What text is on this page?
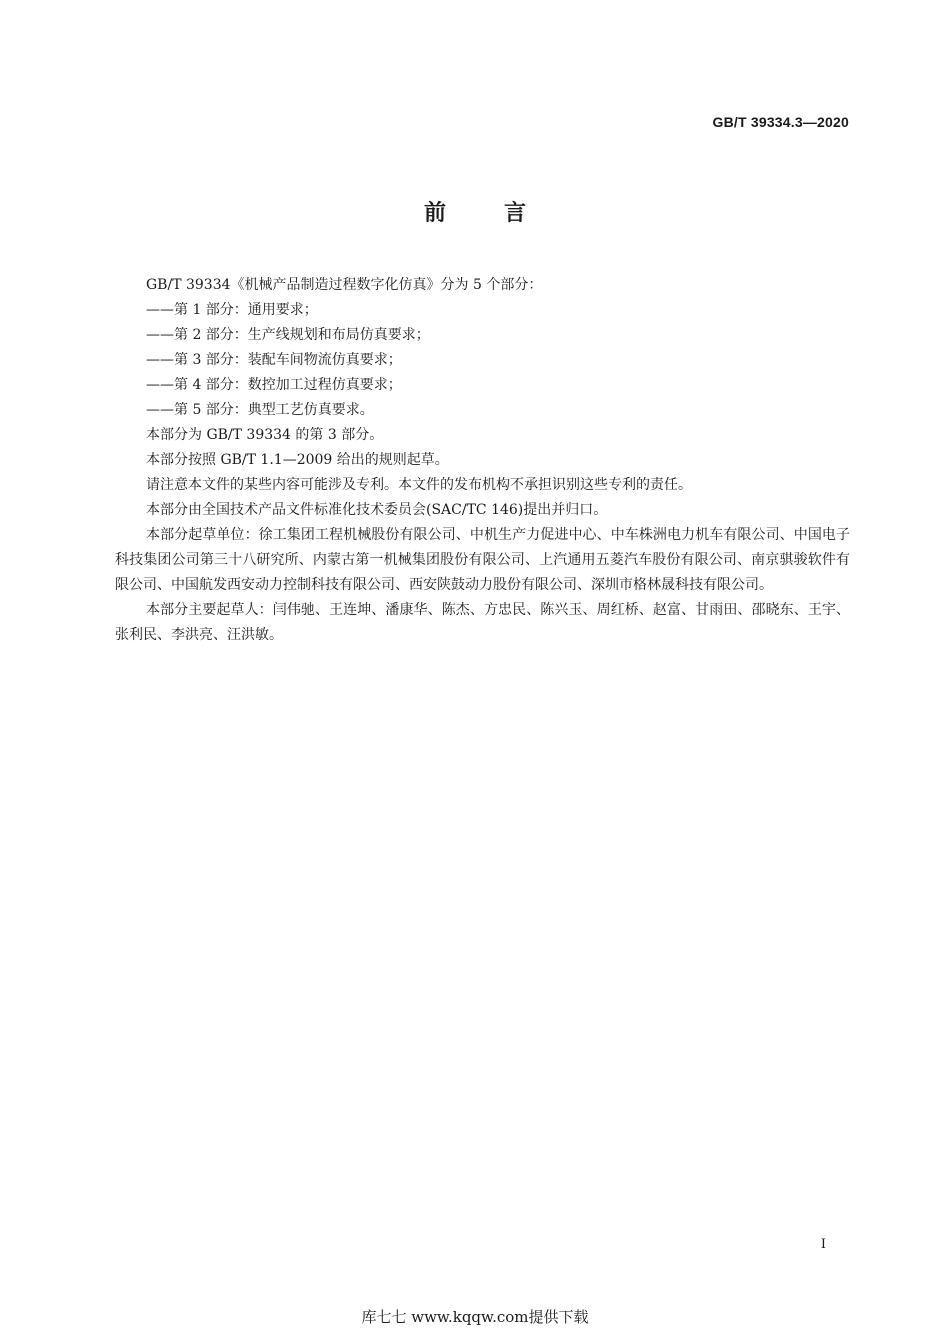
GB/T 39334.3—2020
前言

GB/T 39334《机械产品制造过程数字化仿真》分为 5 个部分：

——第 1 部分：通用要求；

——第 2 部分：生产线规划和布局仿真要求；

——第 3 部分：装配车间物流仿真要求；

——第 4 部分：数控加工过程仿真要求；

——第 5 部分：典型工艺仿真要求。

本部分为 GB/T 39334 的第 3 部分。

本部分按照 GB/T 1.1—2009 给出的规则起草。

请注意本文件的某些内容可能涉及专利。本文件的发布机构不承担识别这些专利的责任。

本部分由全国技术产品文件标准化技术委员会(SAC/TC 146)提出并归口。

本部分起草单位：徐工集团工程机械股份有限公司、中机生产力促进中心、中车株洲电力机车有限公司、中国电子科技集团公司第三十八研究所、内蒙古第一机械集团股份有限公司、上汽通用五菱汽车股份有限公司、南京骐骏软件有限公司、中国航发西安动力控制科技有限公司、西安陕鼓动力股份有限公司、深圳市格林晟科技有限公司。

本部分主要起草人：闫伟驰、王连坤、潘康华、陈杰、方忠民、陈兴玉、周红桥、赵富、甘雨田、邵晓东、王宇、张利民、李洪亮、汪洪敏。

I
库七七 www.kqqw.com提供下载
